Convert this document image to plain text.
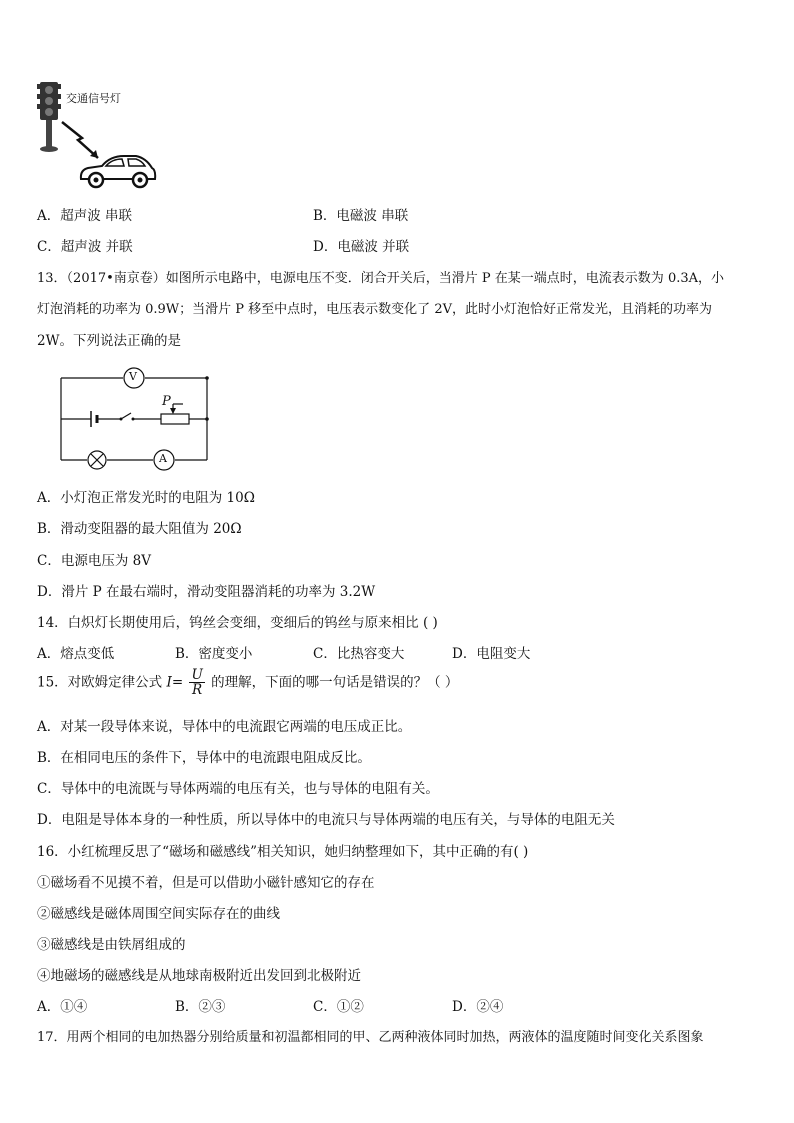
交通信号灯
A．超声波 串联	B．电磁波 串联
C．超声波 并联	D．电磁波 并联
13．（2017•南京卷）如图所示电路中，电源电压不变．闭合开关后，当滑片 P 在某一端点时，电流表示数为 0.3A，小
灯泡消耗的功率为 0.9W；当滑片 P 移至中点时，电压表示数变化了 2V，此时小灯泡恰好正常发光，且消耗的功率为
2W。下列说法正确的是
V
A
P
A．小灯泡正常发光时的电阻为 10Ω
B．滑动变阻器的最大阻值为 20Ω
C．电源电压为 8V
D．滑片 P 在最右端时，滑动变阻器消耗的功率为 3.2W
14．白炽灯长期使用后，钨丝会变细，变细后的钨丝与原来相比 ( )
A．熔点变低	B．密度变小	C．比热容变大	D．电阻变大
15．对欧姆定律公式 $I= \frac{U}{R}$ 的理解，下面的哪一句话是错误的？（ ）
A．对某一段导体来说，导体中的电流跟它两端的电压成正比。
B．在相同电压的条件下，导体中的电流跟电阻成反比。
C．导体中的电流既与导体两端的电压有关，也与导体的电阻有关。
D．电阻是导体本身的一种性质，所以导体中的电流只与导体两端的电压有关，与导体的电阻无关
16．小红梳理反思了“磁场和磁感线”相关知识，她归纳整理如下，其中正确的有( )
①磁场看不见摸不着，但是可以借助小磁针感知它的存在
②磁感线是磁体周围空间实际存在的曲线
③磁感线是由铁屑组成的
④地磁场的磁感线是从地球南极附近出发回到北极附近
A．①④	B．②③	C．①②	D．②④
17．用两个相同的电加热器分别给质量和初温都相同的甲、乙两种液体同时加热，两液体的温度随时间变化关系图象
